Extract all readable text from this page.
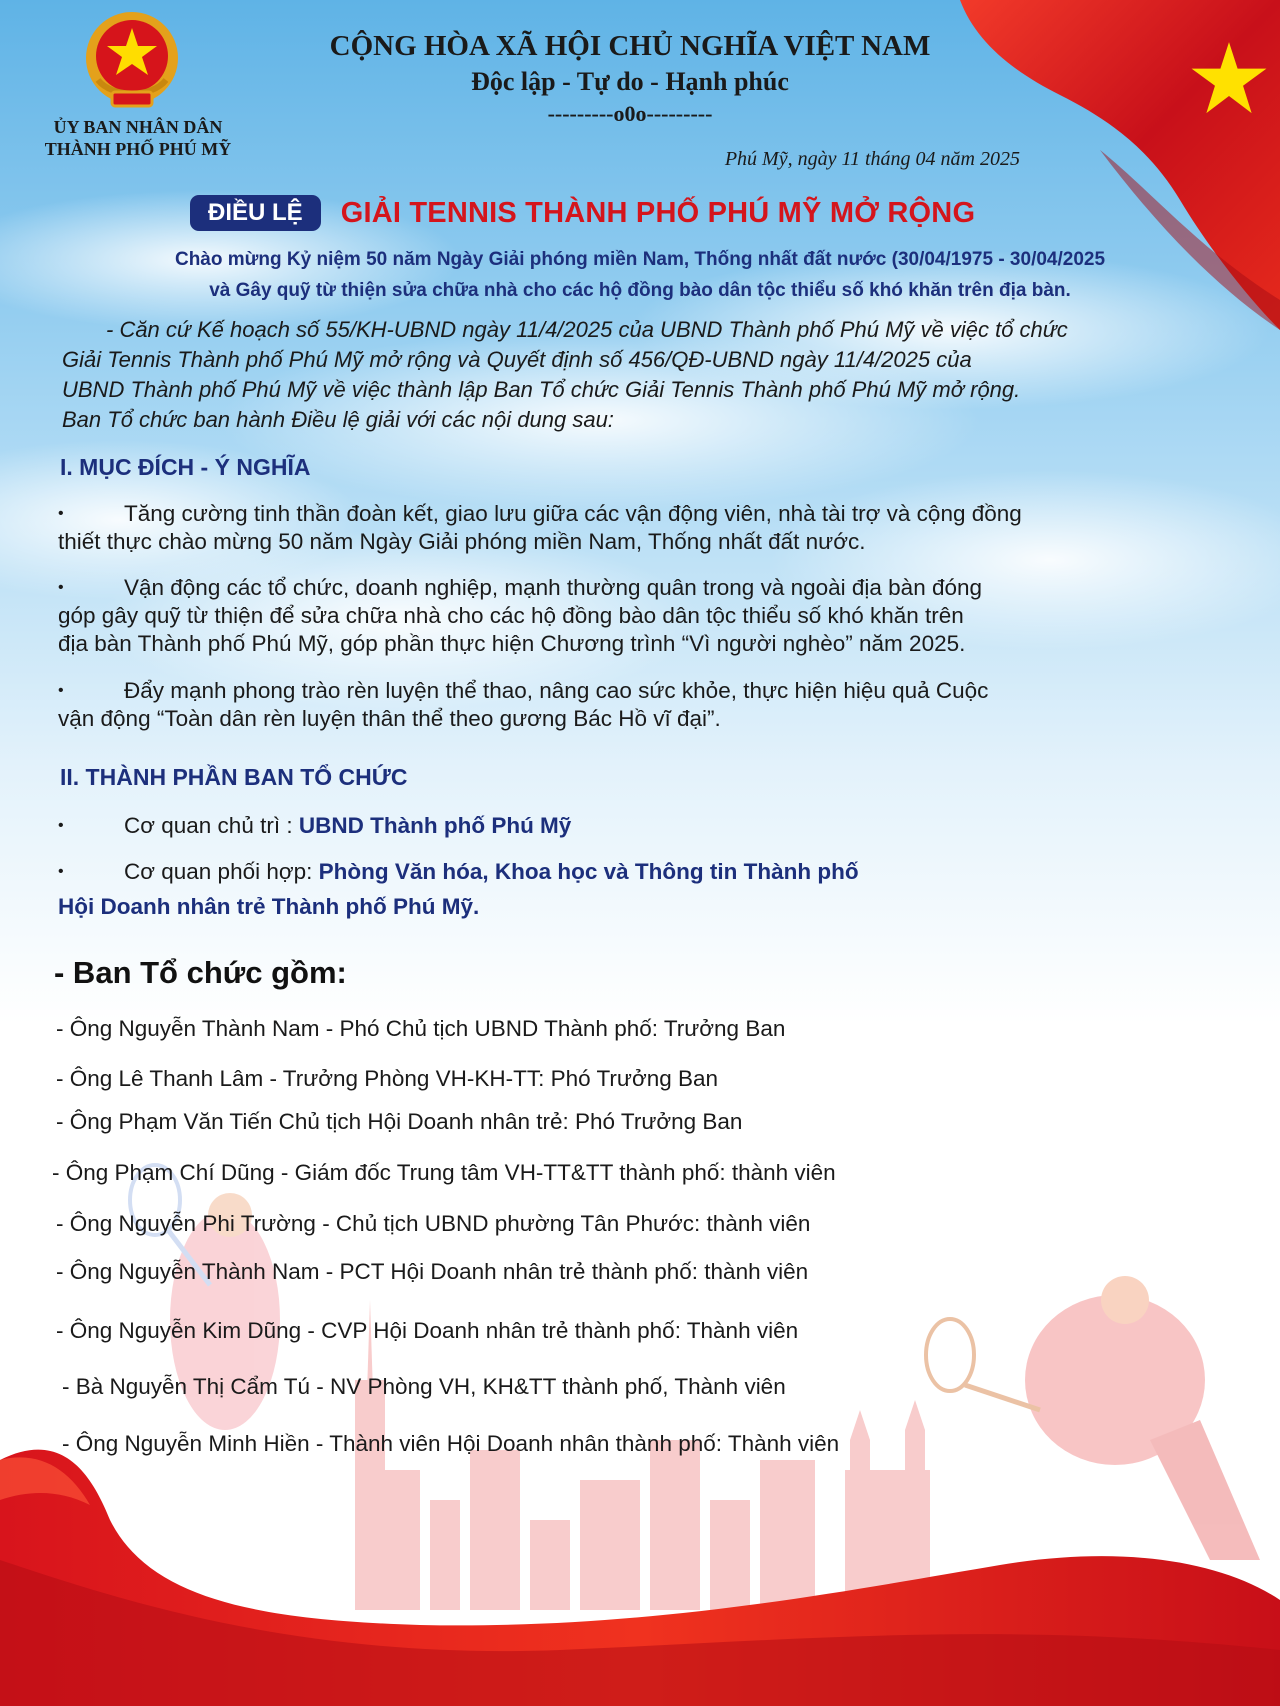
ỦY BAN NHÂN DÂN
THÀNH PHỐ PHÚ MỸ
CỘNG HÒA XÃ HỘI CHỦ NGHĨA VIỆT NAM
Độc lập - Tự do - Hạnh phúc
---------o0o---------
Phú Mỹ, ngày 11 tháng 04 năm 2025
ĐIỀU LỆ	GIẢI TENNIS THÀNH PHỐ PHÚ MỸ MỞ RỘNG
Chào mừng Kỷ niệm 50 năm Ngày Giải phóng miền Nam, Thống nhất đất nước (30/04/1975 - 30/04/2025
và Gây quỹ từ thiện sửa chữa nhà cho các hộ đồng bào dân tộc thiểu số khó khăn trên địa bàn.
- Căn cứ Kế hoạch số 55/KH-UBND ngày 11/4/2025 của UBND Thành phố Phú Mỹ về việc tổ chức
Giải Tennis Thành phố Phú Mỹ mở rộng và Quyết định số 456/QĐ-UBND ngày 11/4/2025 của
UBND Thành phố Phú Mỹ về việc thành lập Ban Tổ chức Giải Tennis Thành phố Phú Mỹ mở rộng.
Ban Tổ chức ban hành Điều lệ giải với các nội dung sau:
I. MỤC ĐÍCH - Ý NGHĨA
•	Tăng cường tinh thần đoàn kết, giao lưu giữa các vận động viên, nhà tài trợ và cộng đồng
thiết thực chào mừng 50 năm Ngày Giải phóng miền Nam, Thống nhất đất nước.
•	Vận động các tổ chức, doanh nghiệp, mạnh thường quân trong và ngoài địa bàn đóng
góp gây quỹ từ thiện để sửa chữa nhà cho các hộ đồng bào dân tộc thiểu số khó khăn trên
địa bàn Thành phố Phú Mỹ, góp phần thực hiện Chương trình “Vì người nghèo” năm 2025.
•	Đẩy mạnh phong trào rèn luyện thể thao, nâng cao sức khỏe, thực hiện hiệu quả Cuộc
vận động “Toàn dân rèn luyện thân thể theo gương Bác Hồ vĩ đại”.
II. THÀNH PHẦN BAN TỔ CHỨC
•	Cơ quan chủ trì : UBND Thành phố Phú Mỹ
•	Cơ quan phối hợp: Phòng Văn hóa, Khoa học và Thông tin Thành phố
Hội Doanh nhân trẻ Thành phố Phú Mỹ.
- Ban Tổ chức gồm:
- Ông Nguyễn Thành Nam - Phó Chủ tịch UBND Thành phố: Trưởng Ban
- Ông Lê Thanh Lâm - Trưởng Phòng VH-KH-TT: Phó Trưởng Ban
- Ông Phạm Văn Tiến Chủ tịch Hội Doanh nhân trẻ: Phó Trưởng Ban
- Ông Phạm Chí Dũng - Giám đốc Trung tâm VH-TT&TT thành phố: thành viên
- Ông Nguyễn Phi Trường - Chủ tịch UBND phường Tân Phước: thành viên
- Ông Nguyễn Thành Nam - PCT Hội Doanh nhân trẻ thành phố: thành viên
- Ông Nguyễn Kim Dũng - CVP Hội Doanh nhân trẻ thành phố: Thành viên
- Bà Nguyễn Thị Cẩm Tú - NV Phòng VH, KH&TT thành phố, Thành viên
- Ông Nguyễn Minh Hiền - Thành viên Hội Doanh nhân thành phố: Thành viên
